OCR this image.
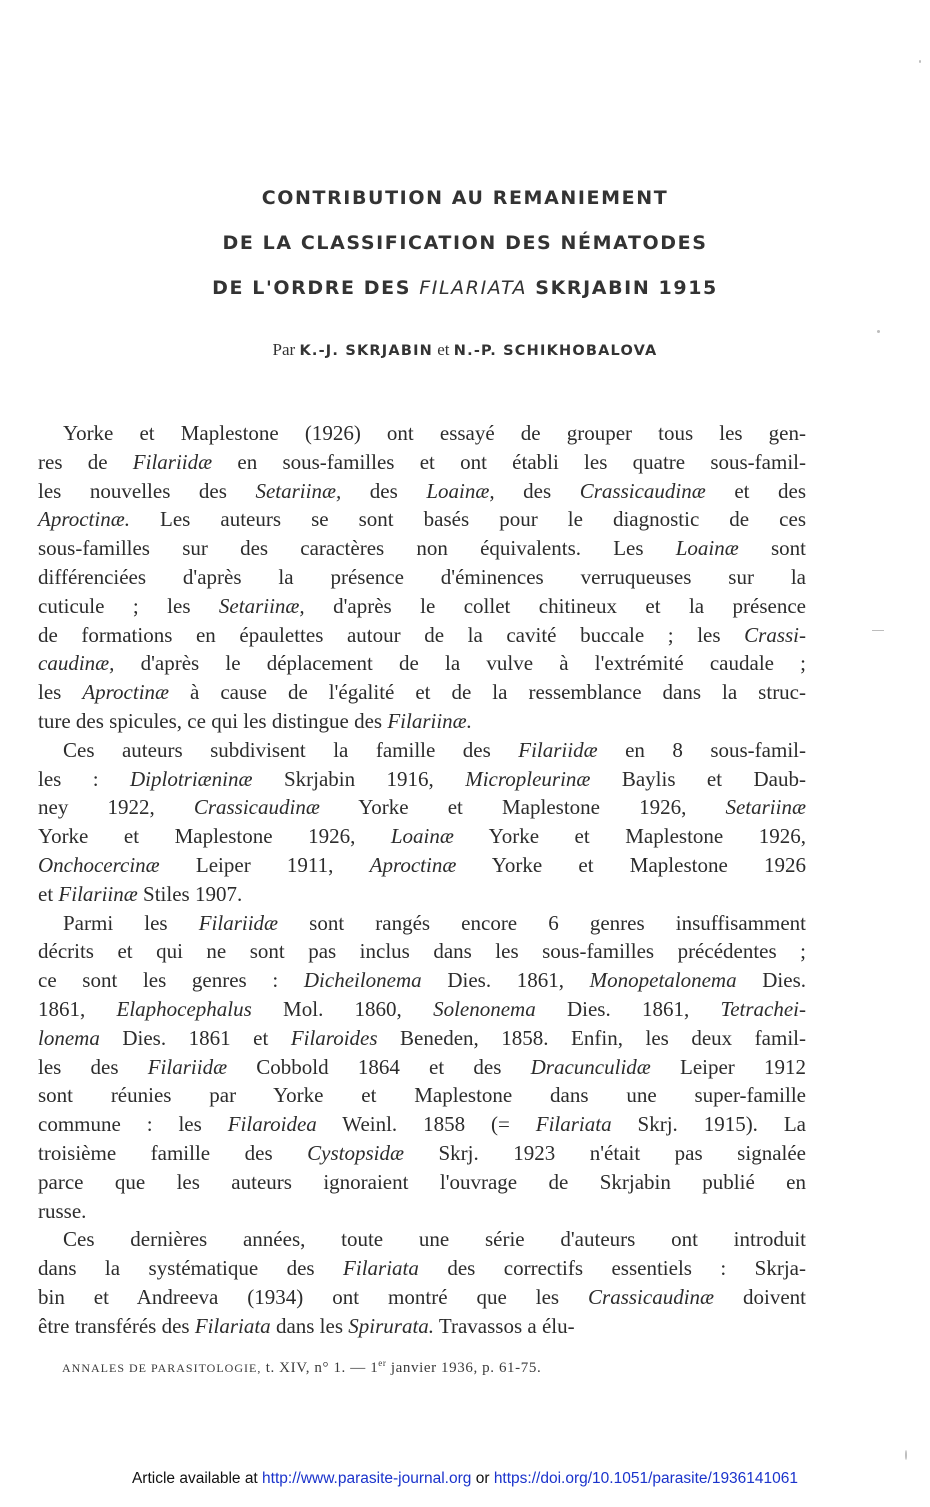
CONTRIBUTION AU REMANIEMENT
DE LA CLASSIFICATION DES NÉMATODES
DE L'ORDRE DES FILARIATA SKRJABIN 1915
Par K.-J. SKRJABIN et N.-P. SCHIKHOBALOVA
Yorke et Maplestone (1926) ont essayé de grouper tous les gen-
res de Filariidæ en sous-familles et ont établi les quatre sous-famil-
les nouvelles des Setariinæ, des Loainæ, des Crassicaudinæ et des
Aproctinæ. Les auteurs se sont basés pour le diagnostic de ces
sous-familles sur des caractères non équivalents. Les Loainæ sont
différenciées d'après la présence d'éminences verruqueuses sur la
cuticule ; les Setariinæ, d'après le collet chitineux et la présence
de formations en épaulettes autour de la cavité buccale ; les Crassi-
caudinæ, d'après le déplacement de la vulve à l'extrémité caudale ;
les Aproctinæ à cause de l'égalité et de la ressemblance dans la struc-
ture des spicules, ce qui les distingue des Filariinæ.
Ces auteurs subdivisent la famille des Filariidæ en 8 sous-famil-
les : Diplotriæninæ Skrjabin 1916, Micropleurinæ Baylis et Daub-
ney 1922, Crassicaudinæ Yorke et Maplestone 1926, Setariinæ
Yorke et Maplestone 1926, Loainæ Yorke et Maplestone 1926,
Onchocercinæ Leiper 1911, Aproctinæ Yorke et Maplestone 1926
et Filariinæ Stiles 1907.
Parmi les Filariidæ sont rangés encore 6 genres insuffisamment
décrits et qui ne sont pas inclus dans les sous-familles précédentes ;
ce sont les genres : Dicheilonema Dies. 1861, Monopetalonema Dies.
1861, Elaphocephalus Mol. 1860, Solenonema Dies. 1861, Tetrachei-
lonema Dies. 1861 et Filaroides Beneden, 1858. Enfin, les deux famil-
les des Filariidæ Cobbold 1864 et des Dracunculidæ Leiper 1912
sont réunies par Yorke et Maplestone dans une super-famille
commune : les Filaroidea Weinl. 1858 (= Filariata Skrj. 1915). La
troisième famille des Cystopsidæ Skrj. 1923 n'était pas signalée
parce que les auteurs ignoraient l'ouvrage de Skrjabin publié en
russe.
Ces dernières années, toute une série d'auteurs ont introduit
dans la systématique des Filariata des correctifs essentiels : Skrja-
bin et Andreeva (1934) ont montré que les Crassicaudinæ doivent
être transférés des Filariata dans les Spirurata. Travassos a élu-
ANNALES DE PARASITOLOGIE, t. XIV, n° 1. — 1er janvier 1936, p. 61-75.
Article available at http://www.parasite-journal.org or https://doi.org/10.1051/parasite/1936141061
